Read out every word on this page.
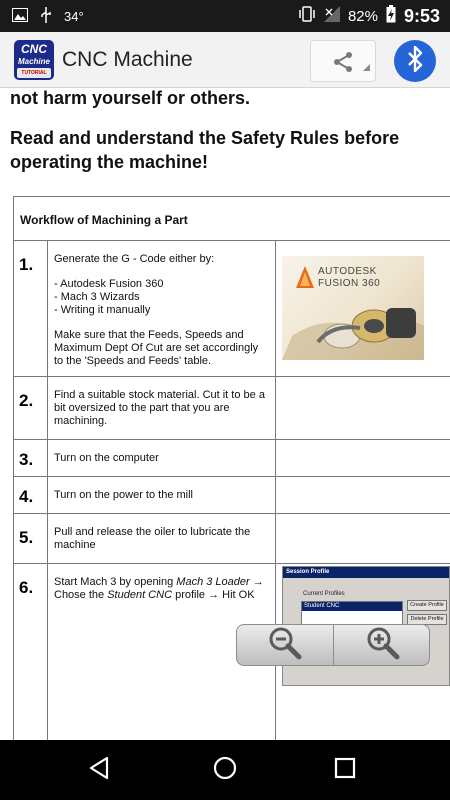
34°	82% 9:53
CNC
Machine
TUTORIAL
CNC Machine
not harm yourself or others.
Read and understand the Safety Rules before operating the machine!
Workflow of Machining a Part
1.	Generate the G - Code either by:
- Autodesk Fusion 360
- Mach 3 Wizards
- Writing it manually
Make sure that the Feeds, Speeds and Maximum Dept Of Cut are set accordingly to the 'Speeds and Feeds' table.
AUTODESK
FUSION 360
2.	Find a suitable stock material. Cut it to be a bit oversized to the part that you are machining.
3.	Turn on the computer
4.	Turn on the power to the mill
5.	Pull and release the oiler to lubricate the machine
6.	Start Mach 3 by opening Mach 3 Loader → Chose the Student CNC profile → Hit OK
Session Profile
Current Profiles
Student CNC	Create Profile
Delete Profile
